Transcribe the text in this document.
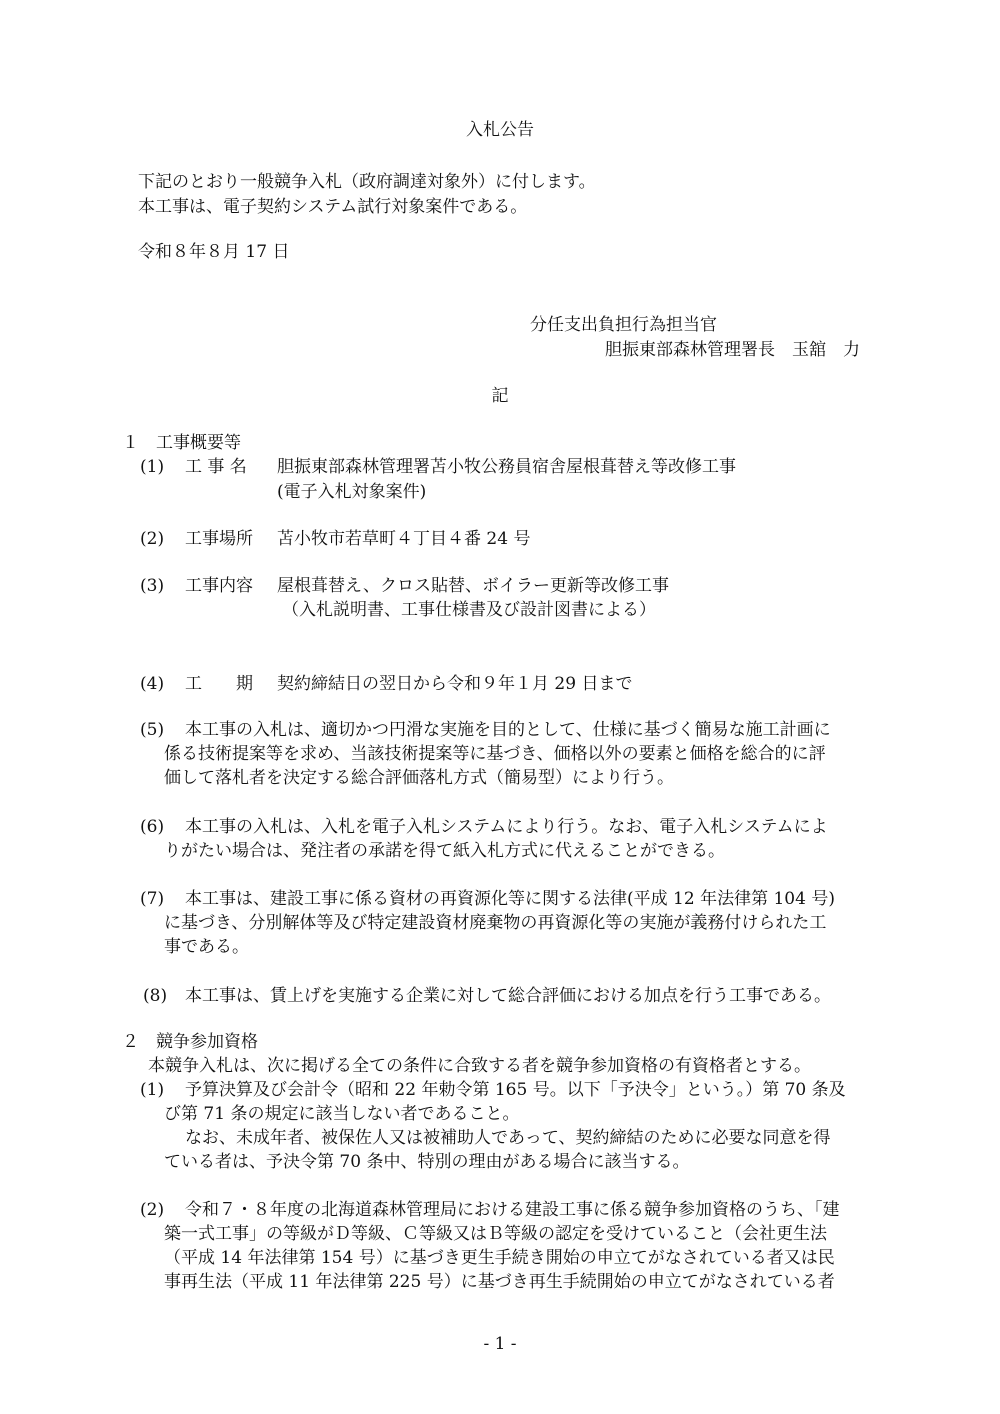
入札公告
下記のとおり一般競争入札（政府調達対象外）に付します。
本工事は、電子契約システム試行対象案件である。
令和８年８月 17 日
分任支出負担行為担当官
胆振東部森林管理署長　玉舘　力
記
１　工事概要等
(1) 工 事 名 胆振東部森林管理署苫小牧公務員宿舎屋根葺替え等改修工事
(電子入札対象案件)
(2) 工事場所 苫小牧市若草町４丁目４番 24 号
(3) 工事内容 屋根葺替え、クロス貼替、ボイラー更新等改修工事
（入札説明書、工事仕様書及び設計図書による）
(4) 工　　期 契約締結日の翌日から令和９年１月 29 日まで
(5) 本工事の入札は、適切かつ円滑な実施を目的として、仕様に基づく簡易な施工計画に
係る技術提案等を求め、当該技術提案等に基づき、価格以外の要素と価格を総合的に評
価して落札者を決定する総合評価落札方式（簡易型）により行う。
(6) 本工事の入札は、入札を電子入札システムにより行う。なお、電子入札システムによ
りがたい場合は、発注者の承諾を得て紙入札方式に代えることができる。
(7) 本工事は、建設工事に係る資材の再資源化等に関する法律(平成 12 年法律第 104 号)
に基づき、分別解体等及び特定建設資材廃棄物の再資源化等の実施が義務付けられた工
事である。
(8) 本工事は、賃上げを実施する企業に対して総合評価における加点を行う工事である。
２　競争参加資格
本競争入札は、次に掲げる全ての条件に合致する者を競争参加資格の有資格者とする。
(1) 予算決算及び会計令（昭和 22 年勅令第 165 号。以下「予決令」という。）第 70 条及
び第 71 条の規定に該当しない者であること。
なお、未成年者、被保佐人又は被補助人であって、契約締結のために必要な同意を得
ている者は、予決令第 70 条中、特別の理由がある場合に該当する。
(2) 令和７・８年度の北海道森林管理局における建設工事に係る競争参加資格のうち、「建
築一式工事」の等級がＤ等級、Ｃ等級又はＢ等級の認定を受けていること（会社更生法
（平成 14 年法律第 154 号）に基づき更生手続き開始の申立てがなされている者又は民
事再生法（平成 11 年法律第 225 号）に基づき再生手続開始の申立てがなされている者
- 1 -
